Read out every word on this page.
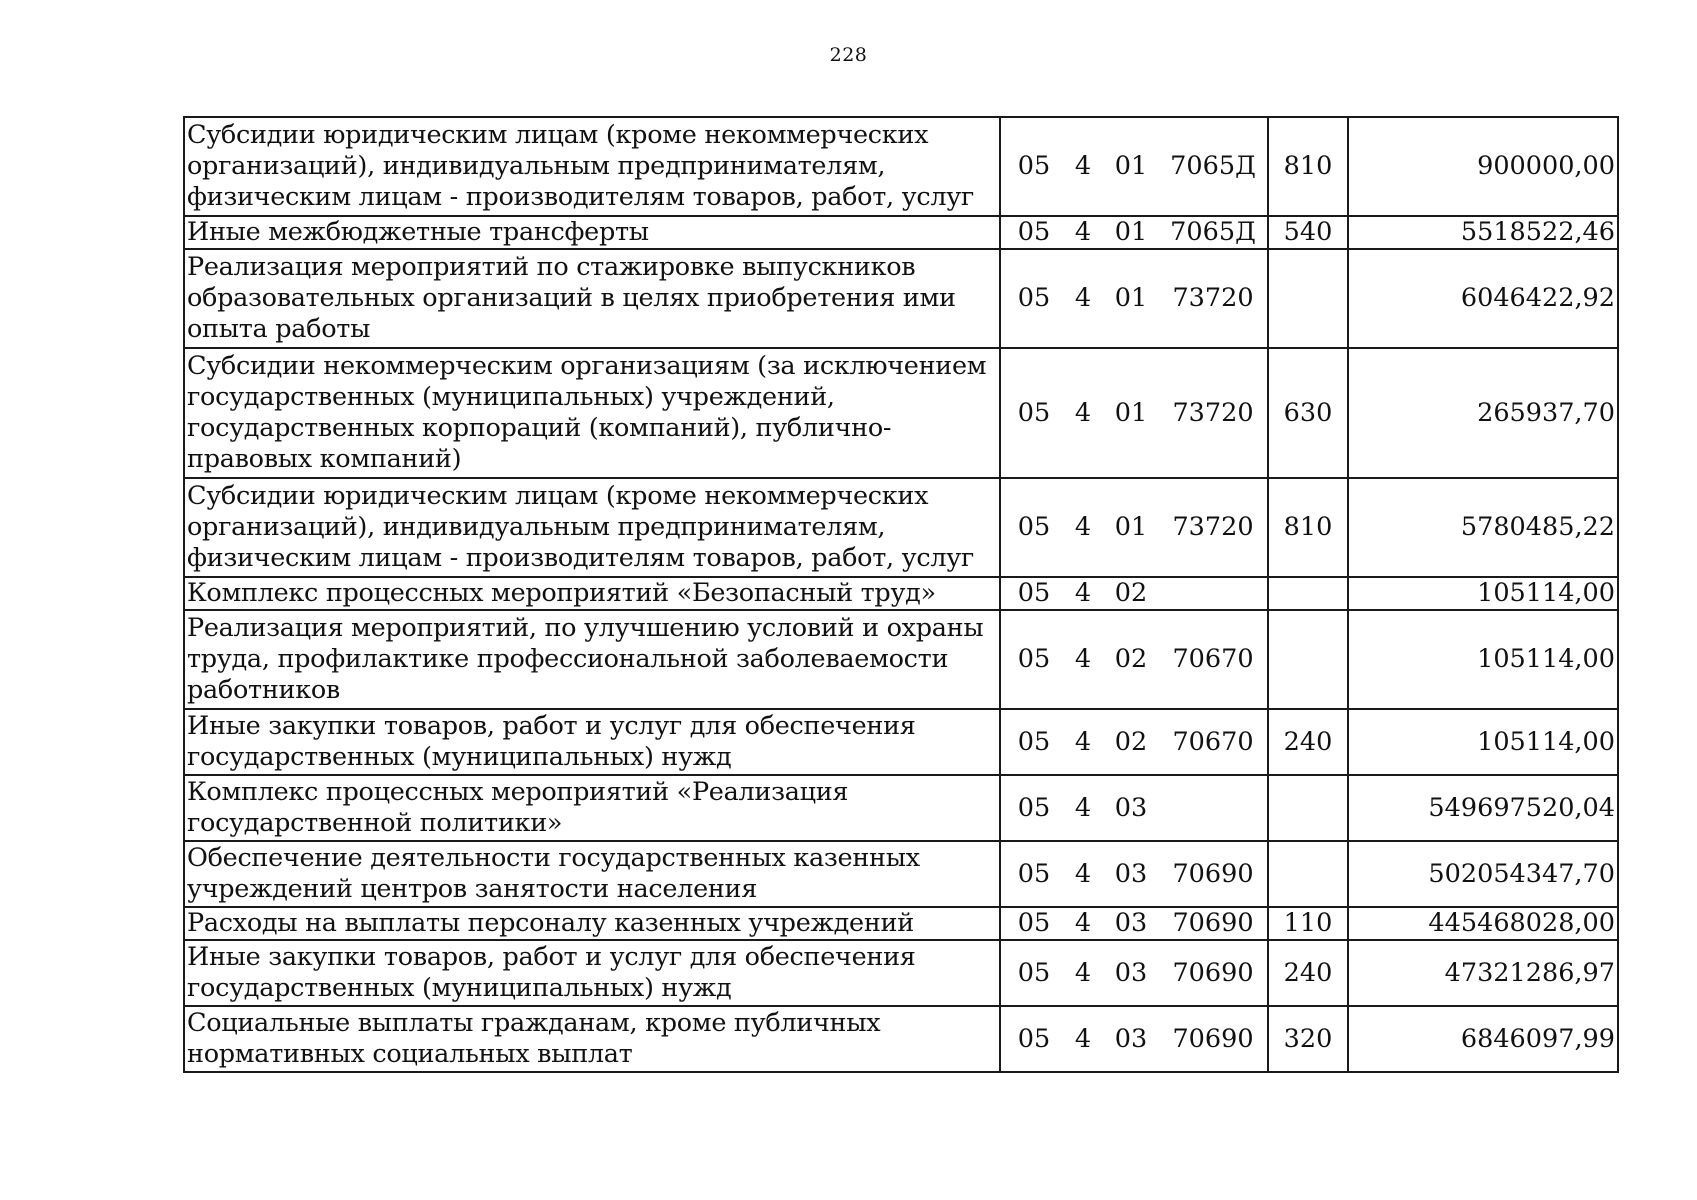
228
Субсидии юридическим лицам (кроме некоммерческих организаций), индивидуальным предпринимателям, физическим лицам - производителям товаров, работ, услуг	05 4 01 7065Д	810	900000,00
Иные межбюджетные трансферты	05 4 01 7065Д	540	5518522,46
Реализация мероприятий по стажировке выпускников образовательных организаций в целях приобретения ими опыта работы	05 4 01 73720		6046422,92
Субсидии некоммерческим организациям (за исключением государственных (муниципальных) учреждений, государственных корпораций (компаний), публично-правовых компаний)	05 4 01 73720	630	265937,70
Субсидии юридическим лицам (кроме некоммерческих организаций), индивидуальным предпринимателям, физическим лицам - производителям товаров, работ, услуг	05 4 01 73720	810	5780485,22
Комплекс процессных мероприятий «Безопасный труд»	05 4 02		105114,00
Реализация мероприятий, по улучшению условий и охраны труда, профилактике профессиональной заболеваемости работников	05 4 02 70670		105114,00
Иные закупки товаров, работ и услуг для обеспечения государственных (муниципальных) нужд	05 4 02 70670	240	105114,00
Комплекс процессных мероприятий «Реализация государственной политики»	05 4 03		549697520,04
Обеспечение деятельности государственных казенных учреждений центров занятости населения	05 4 03 70690		502054347,70
Расходы на выплаты персоналу казенных учреждений	05 4 03 70690	110	445468028,00
Иные закупки товаров, работ и услуг для обеспечения государственных (муниципальных) нужд	05 4 03 70690	240	47321286,97
Социальные выплаты гражданам, кроме публичных нормативных социальных выплат	05 4 03 70690	320	6846097,99
